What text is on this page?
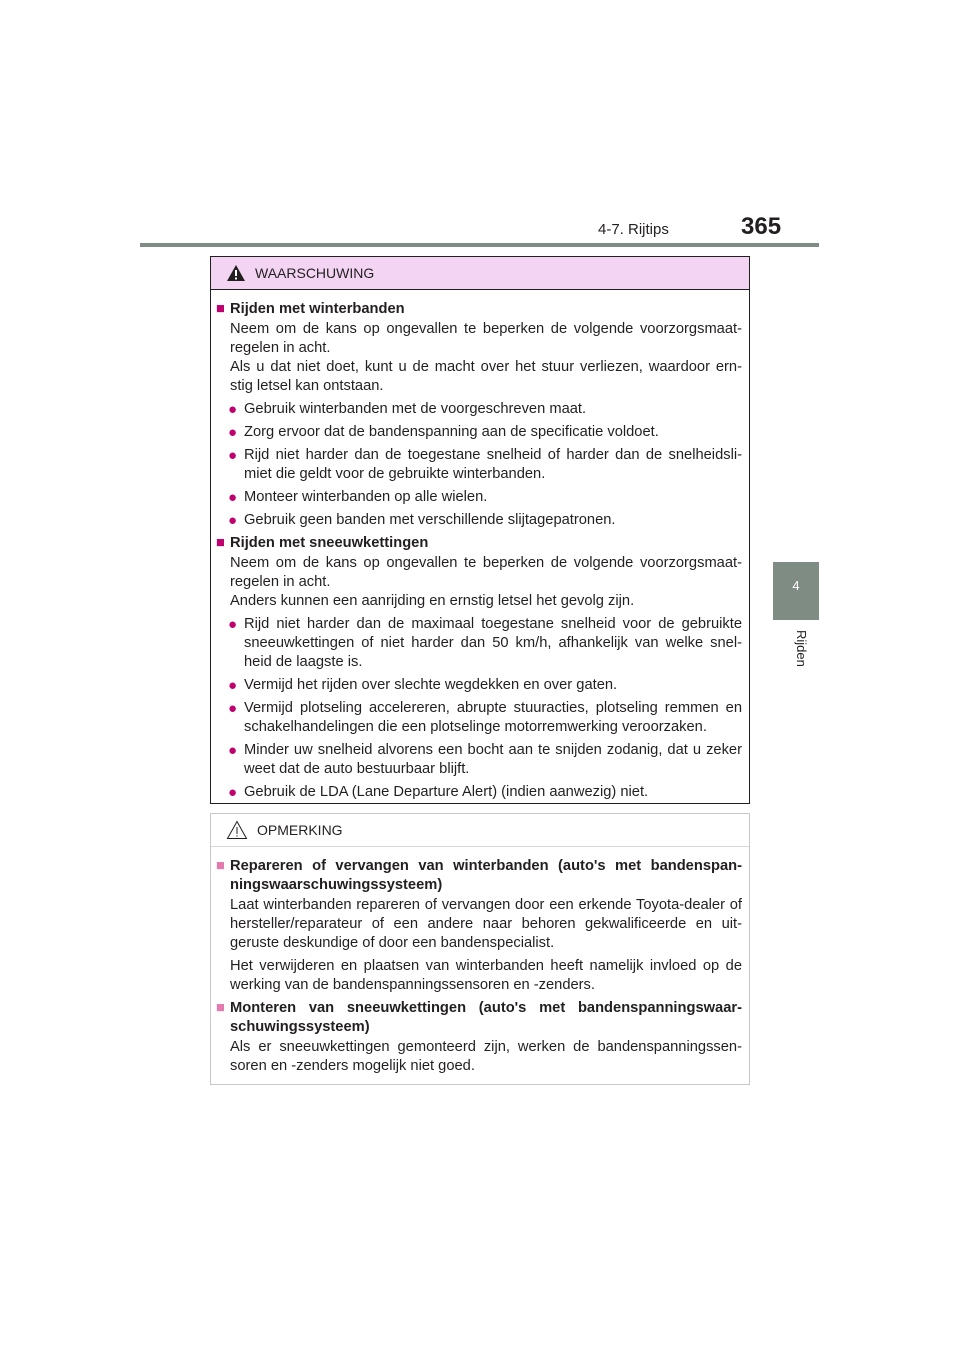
4-7. Rijtips	365
4
Rijden
WAARSCHUWING
■ Rijden met winterbanden
Neem om de kans op ongevallen te beperken de volgende voorzorgsmaat- regelen in acht.
Als u dat niet doet, kunt u de macht over het stuur verliezen, waardoor ern- stig letsel kan ontstaan.
● Gebruik winterbanden met de voorgeschreven maat.
● Zorg ervoor dat de bandenspanning aan de specificatie voldoet.
● Rijd niet harder dan de toegestane snelheid of harder dan de snelheidsli- miet die geldt voor de gebruikte winterbanden.
● Monteer winterbanden op alle wielen.
● Gebruik geen banden met verschillende slijtagepatronen.
■ Rijden met sneeuwkettingen
Neem om de kans op ongevallen te beperken de volgende voorzorgsmaat- regelen in acht.
Anders kunnen een aanrijding en ernstig letsel het gevolg zijn.
● Rijd niet harder dan de maximaal toegestane snelheid voor de gebruikte sneeuwkettingen of niet harder dan 50 km/h, afhankelijk van welke snel- heid de laagste is.
● Vermijd het rijden over slechte wegdekken en over gaten.
● Vermijd plotseling accelereren, abrupte stuuracties, plotseling remmen en schakelhandelingen die een plotselinge motorremwerking veroorzaken.
● Minder uw snelheid alvorens een bocht aan te snijden zodanig, dat u zeker weet dat de auto bestuurbaar blijft.
● Gebruik de LDA (Lane Departure Alert) (indien aanwezig) niet.
OPMERKING
■ Repareren of vervangen van winterbanden (auto's met bandenspan- ningswaarschuwingssysteem)
Laat winterbanden repareren of vervangen door een erkende Toyota-dealer of hersteller/reparateur of een andere naar behoren gekwalificeerde en uit- geruste deskundige of door een bandenspecialist.
Het verwijderen en plaatsen van winterbanden heeft namelijk invloed op de werking van de bandenspanningssensoren en -zenders.
■ Monteren van sneeuwkettingen (auto's met bandenspanningswaar- schuwingssysteem)
Als er sneeuwkettingen gemonteerd zijn, werken de bandenspanningssen- soren en -zenders mogelijk niet goed.
